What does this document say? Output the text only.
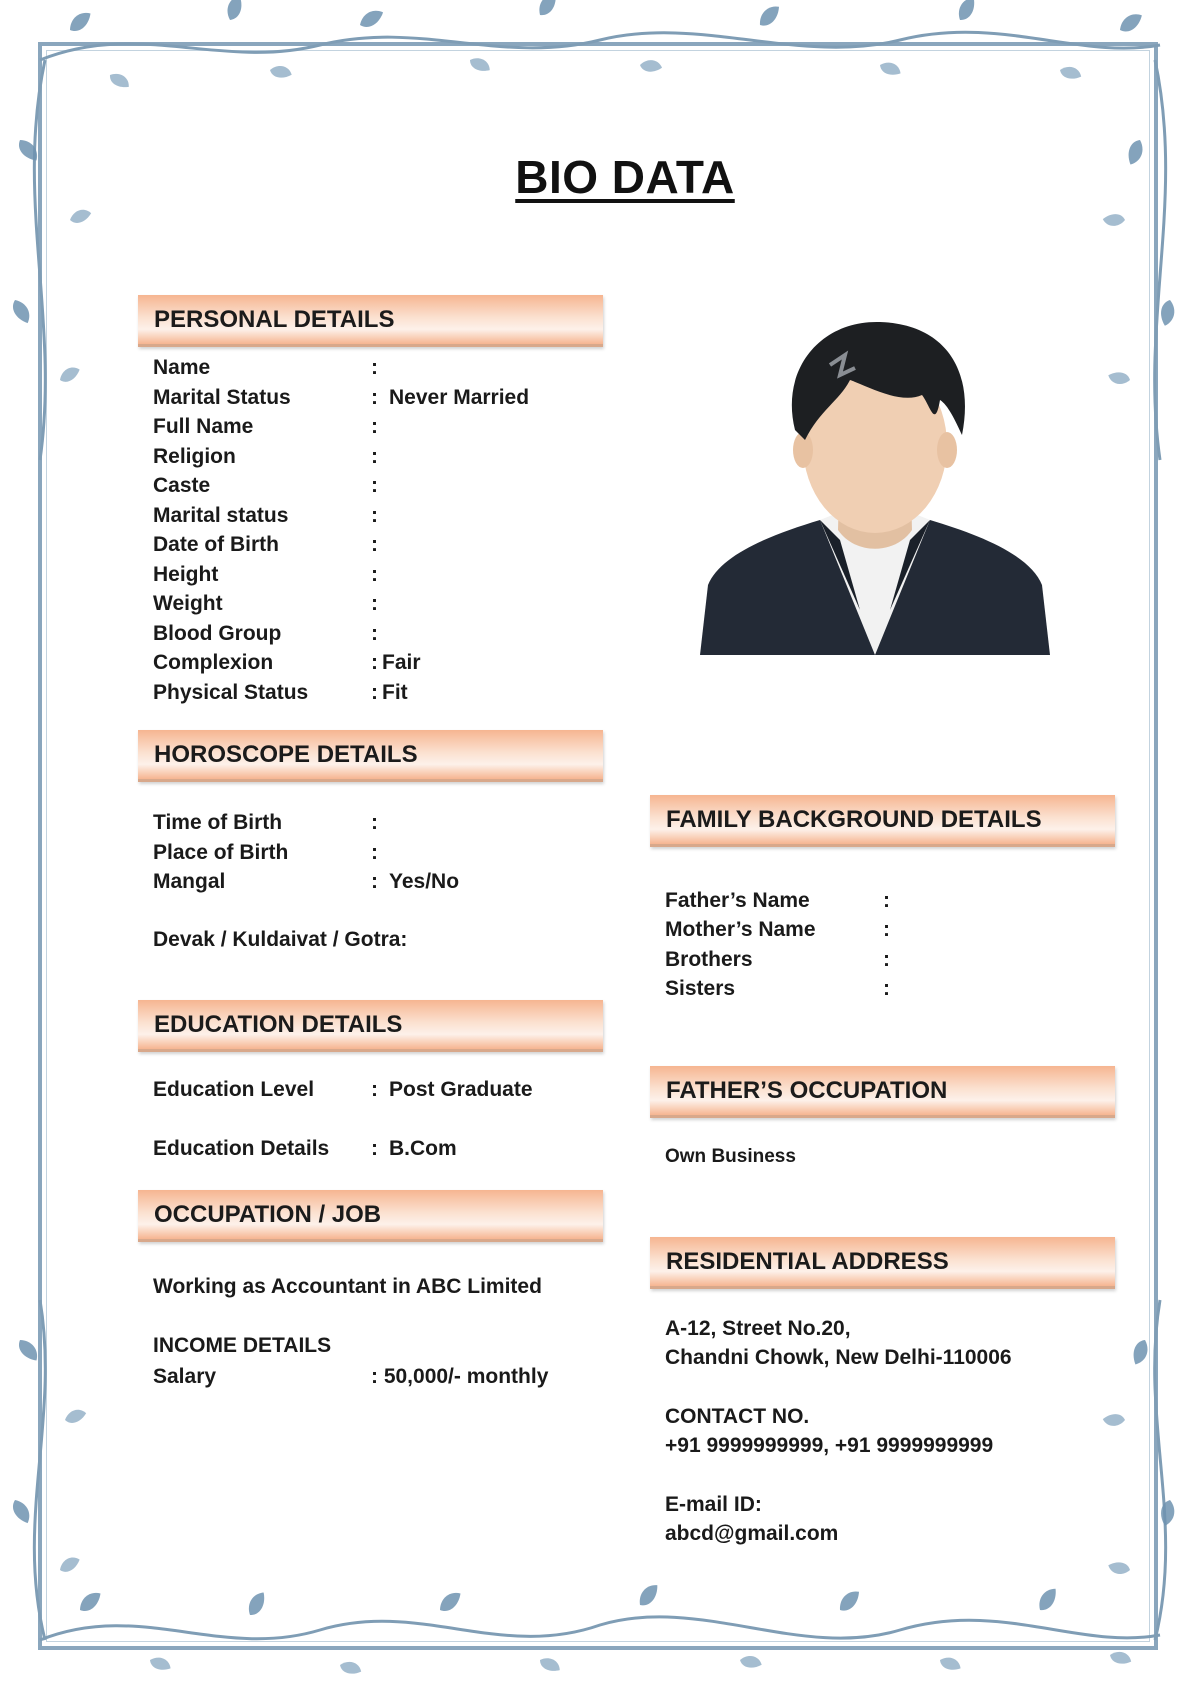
BIO DATA
PERSONAL DETAILS
Name	:
Marital Status	: Never Married
Full Name	:
Religion	:
Caste	:
Marital status	:
Date of Birth	:
Height	:
Weight	:
Blood Group	:
Complexion	: Fair
Physical Status	: Fit
HOROSCOPE DETAILS
Time of Birth	:
Place of Birth	:
Mangal	: Yes/No
Devak / Kuldaivat / Gotra:
EDUCATION DETAILS
Education Level	: Post Graduate
Education Details : B.Com
OCCUPATION / JOB
Working as Accountant in ABC Limited
INCOME DETAILS
Salary	: 50,000/- monthly
FAMILY BACKGROUND DETAILS
Father’s Name	:
Mother’s Name	:
Brothers	:
Sisters	:
FATHER’S OCCUPATION
Own Business
RESIDENTIAL ADDRESS
A-12, Street No.20,
Chandni Chowk, New Delhi-110006
CONTACT NO.
+91 9999999999, +91 9999999999
E-mail ID:
abcd@gmail.com
